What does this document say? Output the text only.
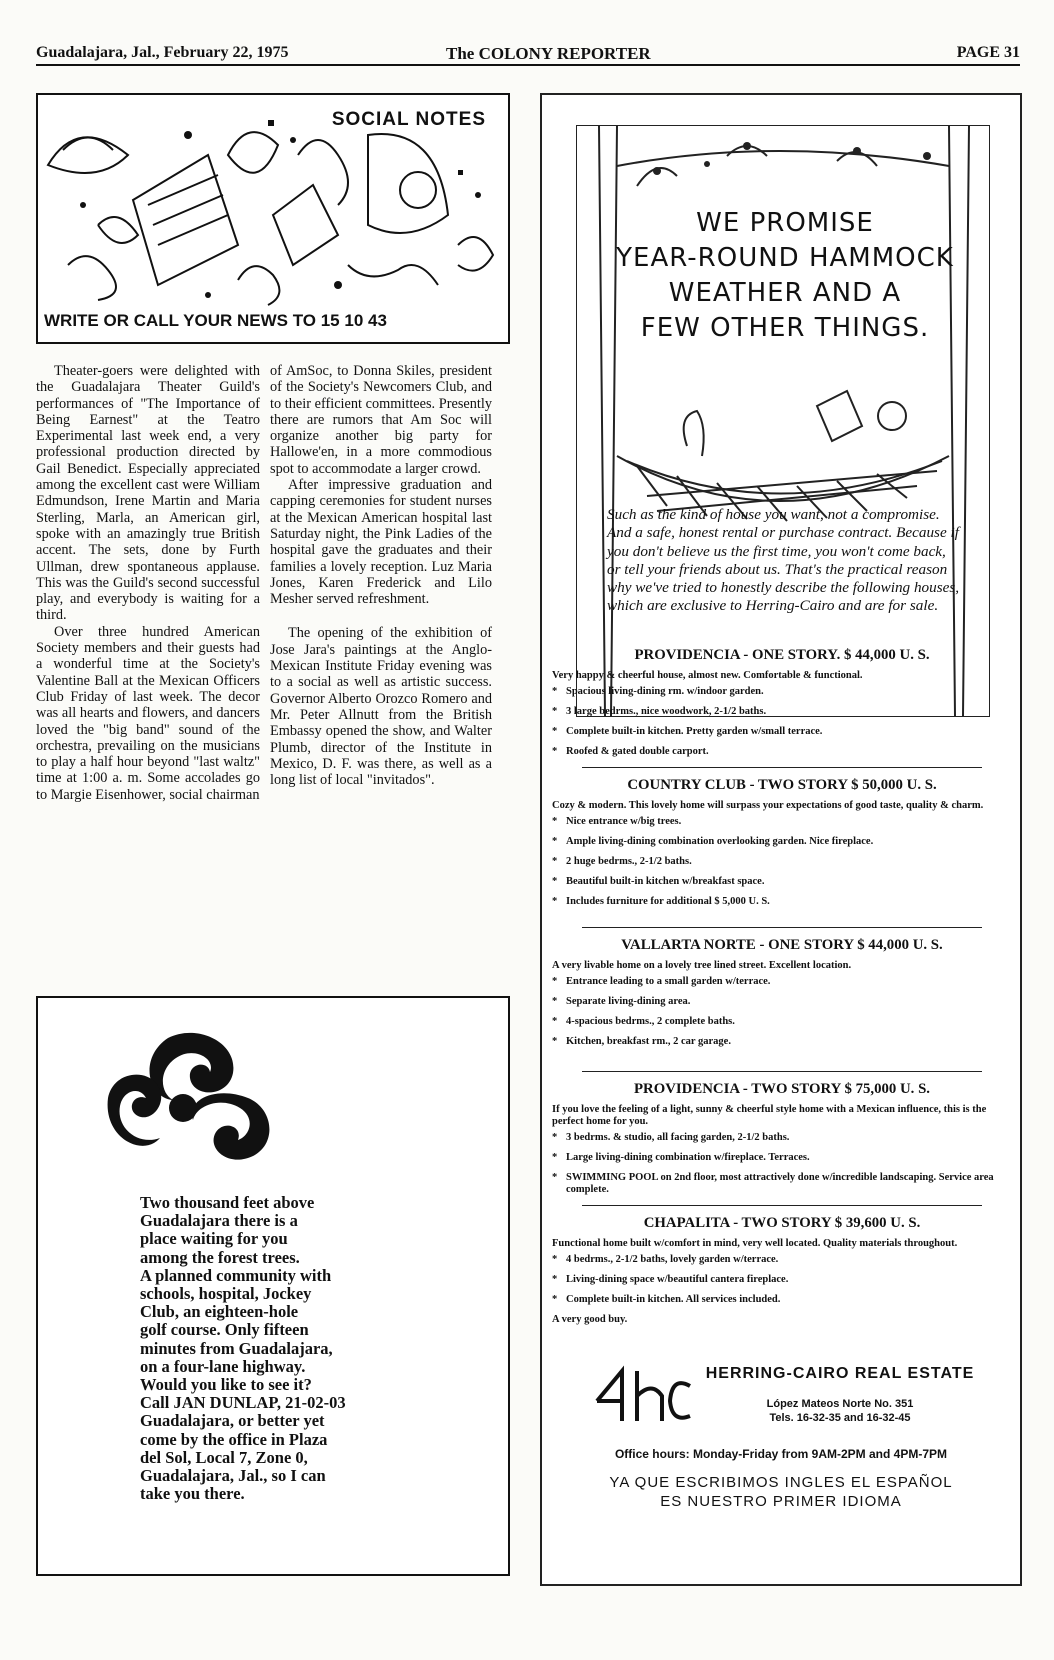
Guadalajara, Jal., February 22, 1975	The COLONY REPORTER	PAGE 31
SOCIAL NOTES
WRITE OR CALL YOUR NEWS TO 15 10 43

Theater-goers were delighted with the Guadalajara Theater Guild's performances of "The Importance of Being Earnest" at the Teatro Experimental last week end, a very professional production directed by Gail Benedict. Especially appreciated among the excellent cast were William Edmundson, Irene Martin and Maria Sterling, Marla, an American girl, spoke with an amazingly true British accent. The sets, done by Furth Ullman, drew spontaneous applause. This was the Guild's second successful play, and everybody is waiting for a third.

Over three hundred American Society members and their guests had a wonderful time at the Society's Valentine Ball at the Mexican Officers Club Friday of last week. The decor was all hearts and flowers, and dancers loved the "big band" sound of the orchestra, prevailing on the musicians to play a half hour beyond "last waltz" time at 1:00 a. m. Some accolades go to Margie Eisenhower, social chairman

of AmSoc, to Donna Skiles, president of the Society's Newcomers Club, and to their efficient committees. Presently there are rumors that Am Soc will organize another big party for Hallowe'en, in a more commodious spot to accommodate a larger crowd.

After impressive graduation and capping ceremonies for student nurses at the Mexican American hospital last Saturday night, the Pink Ladies of the hospital gave the graduates and their families a lovely reception. Luz Maria Jones, Karen Frederick and Lilo Mesher served refreshment.

The opening of the exhibition of Jose Jara's paintings at the Anglo-Mexican Institute Friday evening was to a social as well as artistic success. Governor Alberto Orozco Romero and Mr. Peter Allnutt from the British Embassy opened the show, and Walter Plumb, director of the Institute in Mexico, D. F. was there, as well as a long list of local "invitados".

Two thousand feet above
Guadalajara there is a
place waiting for you
among the forest trees.
A planned community with
schools, hospital, Jockey
Club, an eighteen-hole
golf course. Only fifteen
minutes from Guadalajara,
on a four-lane highway.
Would you like to see it?
Call JAN DUNLAP, 21-02-03
Guadalajara, or better yet
come by the office in Plaza
del Sol, Local 7, Zone 0,
Guadalajara, Jal., so I can
take you there.
WE PROMISE
YEAR-ROUND HAMMOCK
WEATHER AND A
FEW OTHER THINGS.
Such as the kind of house you want, not a compromise. And a safe, honest rental or purchase contract. Because if you don't believe us the first time, you won't come back, or tell your friends about us. That's the practical reason why we've tried to honestly describe the following houses, which are exclusive to Herring-Cairo and are for sale.
PROVIDENCIA - ONE STORY. $ 44,000 U. S.
Very happy & cheerful house, almost new. Comfortable & functional.
* Spacious living-dining rm. w/indoor garden.
* 3 large bedrms., nice woodwork, 2-1/2 baths.
* Complete built-in kitchen. Pretty garden w/small terrace.
* Roofed & gated double carport.
COUNTRY CLUB - TWO STORY $ 50,000 U. S.
Cozy & modern. This lovely home will surpass your expectations of good taste, quality & charm.
* Nice entrance w/big trees.
* Ample living-dining combination overlooking garden. Nice fireplace.
* 2 huge bedrms., 2-1/2 baths.
* Beautiful built-in kitchen w/breakfast space.
* Includes furniture for additional $ 5,000 U. S.
VALLARTA NORTE - ONE STORY $ 44,000 U. S.
A very livable home on a lovely tree lined street. Excellent location.
* Entrance leading to a small garden w/terrace.
* Separate living-dining area.
* 4-spacious bedrms., 2 complete baths.
* Kitchen, breakfast rm., 2 car garage.
PROVIDENCIA - TWO STORY $ 75,000 U. S.
If you love the feeling of a light, sunny & cheerful style home with a Mexican influence, this is the perfect home for you.
* 3 bedrms. & studio, all facing garden, 2-1/2 baths.
* Large living-dining combination w/fireplace. Terraces.
* SWIMMING POOL on 2nd floor, most attractively done w/incredible landscaping. Service area complete.
CHAPALITA - TWO STORY $ 39,600 U. S.
Functional home built w/comfort in mind, very well located. Quality materials throughout.
* 4 bedrms., 2-1/2 baths, lovely garden w/terrace.
* Living-dining space w/beautiful cantera fireplace.
* Complete built-in kitchen. All services included.
A very good buy.
HERRING-CAIRO REAL ESTATE
López Mateos Norte No. 351
Tels. 16-32-35 and 16-32-45
Office hours: Monday-Friday from 9AM-2PM and 4PM-7PM
YA QUE ESCRIBIMOS INGLES EL ESPAÑOL
ES NUESTRO PRIMER IDIOMA
